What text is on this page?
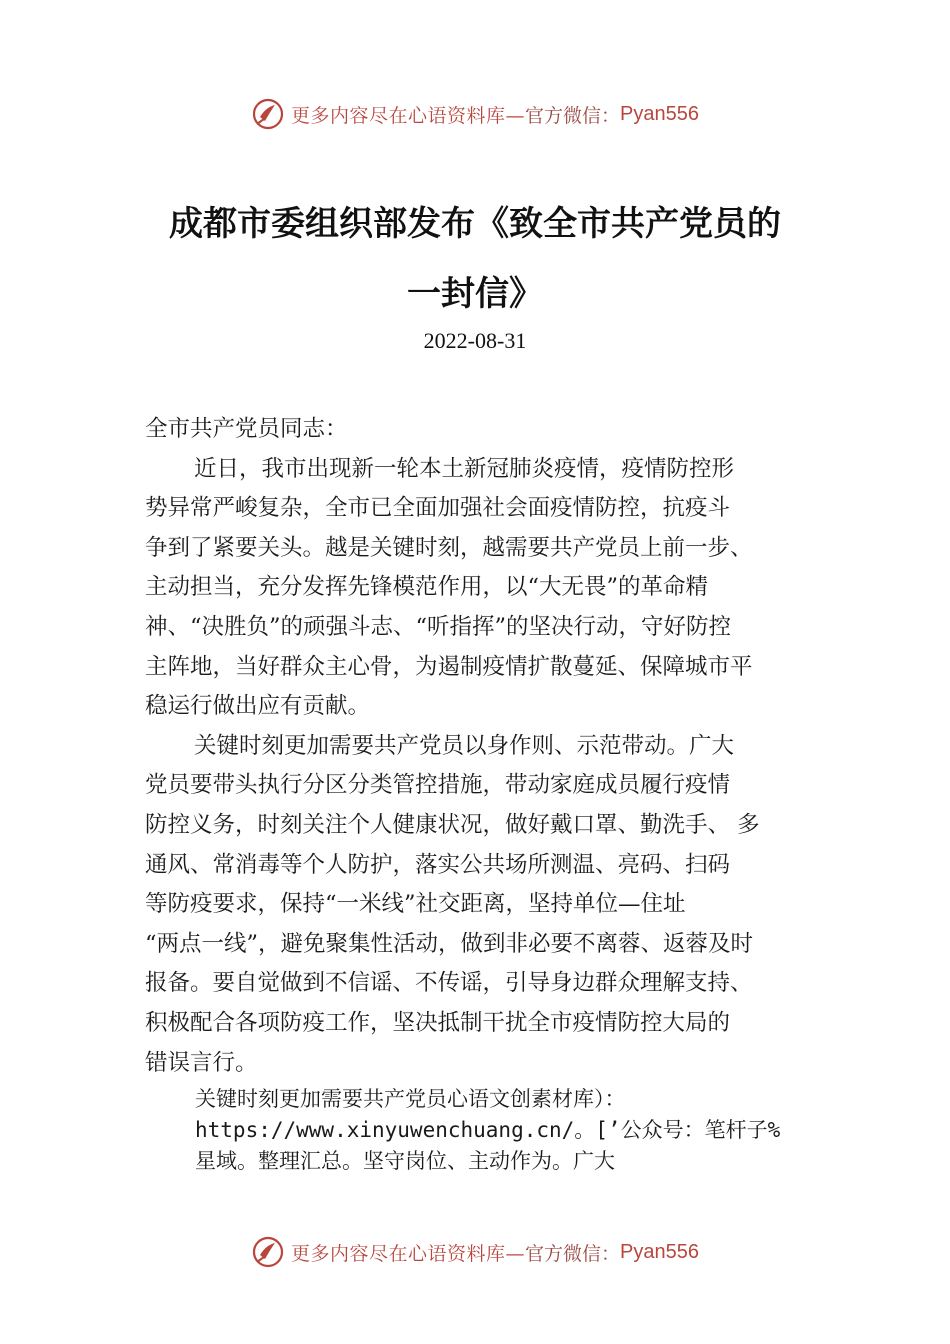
更多内容尽在心语资料库— 官方微信： Pyan556
成都市委组织部发布《致全市共产党员的
一封信》
2022-08-31
全市共产党员同志：
近日，我市出现新一轮本土新冠肺炎疫情，疫情防控形
势异常严峻复杂，全市已全面加强社会面疫情防控，抗疫斗
争到了紧要关头。越是关键时刻，越需要共产党员上前一步、
主动担当，充分发挥先锋模范作用，以“大无畏”的革命精
神、“决胜负”的顽强斗志、“听指挥”的坚决行动，守好防控
主阵地，当好群众主心骨，为遏制疫情扩散蔓延、保障城市平
稳运行做出应有贡献。
关键时刻更加需要共产党员以身作则、示范带动。广大
党员要带头执行分区分类管控措施，带动家庭成员履行疫情
防控义务，时刻关注个人健康状况，做好戴口罩、勤洗手、 多
通风、常消毒等个人防护，落实公共场所测温、亮码、扫码
等防疫要求，保持“一米线”社交距离，坚持单位—住址
“两点一线”，避免聚集性活动，做到非必要不离蓉、返蓉及时
报备。要自觉做到不信谣、不传谣，引导身边群众理解支持、
积极配合各项防疫工作，坚决抵制干扰全市疫情防控大局的
错误言行。
关键时刻更加需要共产党员心语文创素材库）：
https://www.xinyuwenchuang.cn/。[’公众号：笔杆子%
星域。整理汇总。坚守岗位、主动作为。广大
更多内容尽在心语资料库— 官方微信： Pyan556
